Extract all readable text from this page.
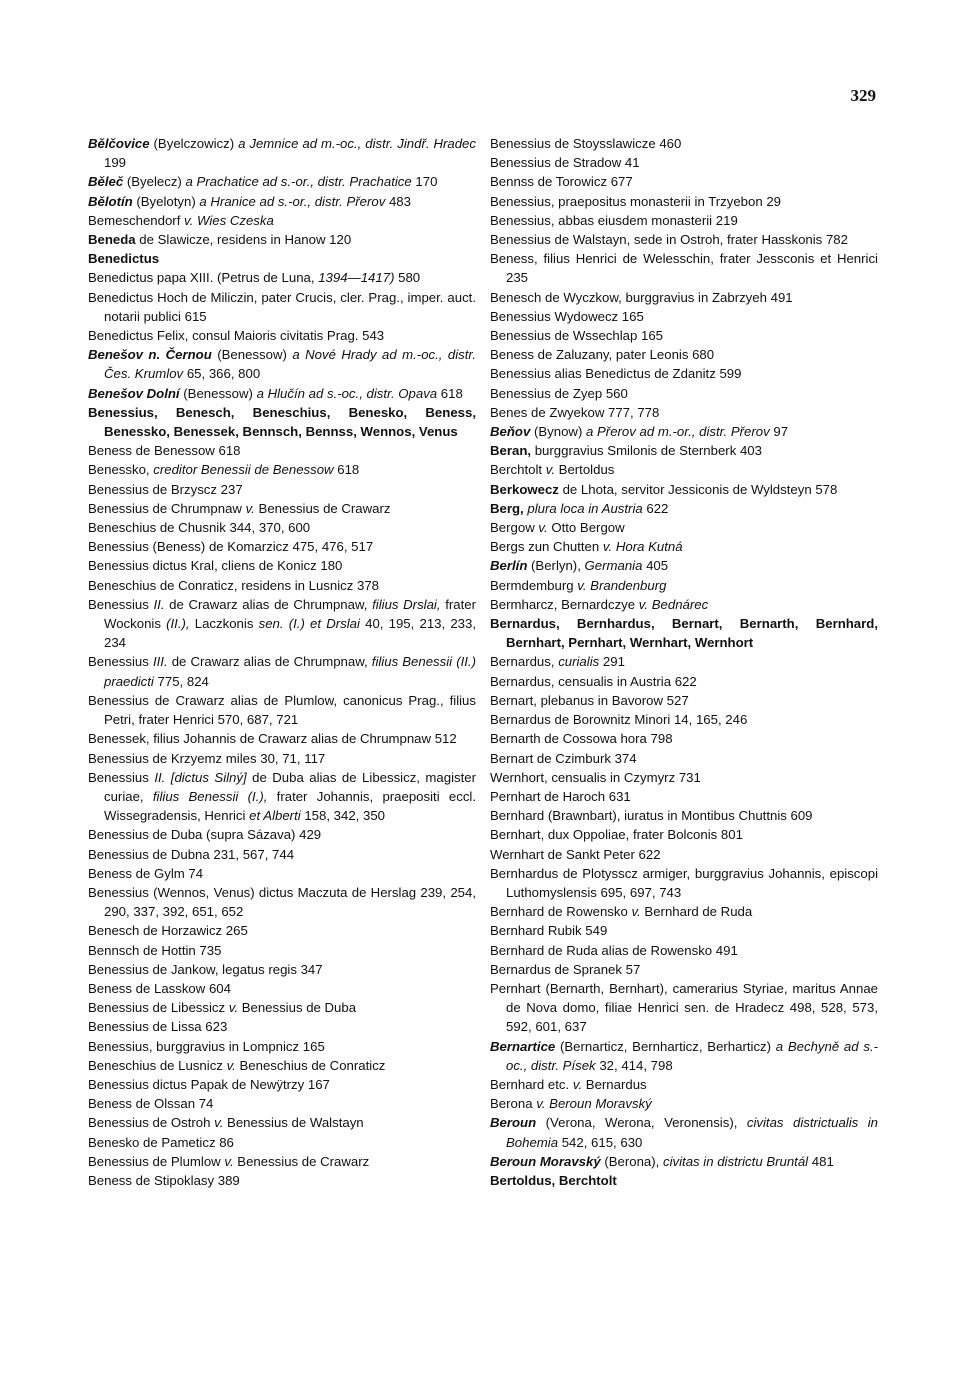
329
Bělčovice (Byelczowicz) a Jemnice ad m.-oc., distr. Jindř. Hradec 199
Běleč (Byelecz) a Prachatice ad s.-or., distr. Prachatice 170
Bělotín (Byelotyn) a Hranice ad s.-or., distr. Přerov 483
Bemeschendorf v. Wies Czeska
Beneda de Slawicze, residens in Hanow 120
Benedictus
Benedictus papa XIII. (Petrus de Luna, 1394—1417) 580
Benedictus Hoch de Miliczin, pater Crucis, cler. Prag., imper. auct. notarii publici 615
Benedictus Felix, consul Maioris civitatis Prag. 543
Benešov n. Černou (Benessow) a Nové Hrady ad m.-oc., distr. Čes. Krumlov 65, 366, 800
Benešov Dolní (Benessow) a Hlučín ad s.-oc., distr. Opava 618
Benessius, Benesch, Beneschius, Benesko, Beness, Benessko, Benessek, Bennsch, Bennss, Wennos, Venus
Beness de Benessow 618
Benessko, creditor Benessii de Benessow 618
Benessius de Brzyscz 237
Benessius de Chrumpnaw v. Benessius de Crawarz
Beneschius de Chusnik 344, 370, 600
Benessius (Beness) de Komarzicz 475, 476, 517
Benessius dictus Kral, cliens de Konicz 180
Beneschius de Conraticz, residens in Lusnicz 378
Benessius II. de Crawarz alias de Chrumpnaw, filius Drslai, frater Wockonis (II.), Laczkonis sen. (I.) et Drslai 40, 195, 213, 233, 234
Benessius III. de Crawarz alias de Chrumpnaw, filius Benessii (II.) praedicti 775, 824
Benessius de Crawarz alias de Plumlow, canonicus Prag., filius Petri, frater Henrici 570, 687, 721
Benessek, filius Johannis de Crawarz alias de Chrumpnaw 512
Benessius de Krzyemz miles 30, 71, 117
Benessius II. [dictus Silný] de Duba alias de Libessicz, magister curiae, filius Benessii (I.), frater Johannis, praepositi eccl. Wissegradensis, Henrici et Alberti 158, 342, 350
Benessius de Duba (supra Sázava) 429
Benessius de Dubna 231, 567, 744
Beness de Gylm 74
Benessius (Wennos, Venus) dictus Maczuta de Herslag 239, 254, 290, 337, 392, 651, 652
Benesch de Horzawicz 265
Bennsch de Hottin 735
Benessius de Jankow, legatus regis 347
Beness de Lasskow 604
Benessius de Libessicz v. Benessius de Duba
Benessius de Lissa 623
Benessius, burggravius in Lompnicz 165
Beneschius de Lusnicz v. Beneschius de Conraticz
Benessius dictus Papak de Newÿtrzy 167
Beness de Olssan 74
Benessius de Ostroh v. Benessius de Walstayn
Benesko de Pameticz 86
Benessius de Plumlow v. Benessius de Crawarz
Beness de Stipoklasy 389
Benessius de Stoysslawicze 460
Benessius de Stradow 41
Bennss de Torowicz 677
Benessius, praepositus monasterii in Trzyebon 29
Benessius, abbas eiusdem monasterii 219
Benessius de Walstayn, sede in Ostroh, frater Hasskonis 782
Beness, filius Henrici de Welesschin, frater Jessconis et Henrici 235
Benesch de Wyczkow, burggravius in Zabrzyeh 491
Benessius Wydowecz 165
Benessius de Wssechlap 165
Beness de Zaluzany, pater Leonis 680
Benessius alias Benedictus de Zdanitz 599
Benessius de Zyep 560
Benes de Zwyekow 777, 778
Beňov (Bynow) a Přerov ad m.-or., distr. Přerov 97
Beran, burggravius Smilonis de Sternberk 403
Berchtolt v. Bertoldus
Berkowecz de Lhota, servitor Jessiconis de Wyldsteyn 578
Berg, plura loca in Austria 622
Bergow v. Otto Bergow
Bergs zun Chutten v. Hora Kutná
Berlín (Berlyn), Germania 405
Bermdemburg v. Brandenburg
Bermharcz, Bernardczye v. Bednárec
Bernardus, Bernhardus, Bernart, Bernarth, Bernhard, Bernhart, Pernhart, Wernhart, Wernhort
Bernardus, curialis 291
Bernardus, censualis in Austria 622
Bernart, plebanus in Bavorow 527
Bernardus de Borownitz Minori 14, 165, 246
Bernarth de Cossowa hora 798
Bernart de Czimburk 374
Wernhort, censualis in Czymyrz 731
Pernhart de Haroch 631
Bernhard (Brawnbart), iuratus in Montibus Chuttnis 609
Bernhart, dux Oppoliae, frater Bolconis 801
Wernhart de Sankt Peter 622
Bernhardus de Plotysscz armiger, burggravius Johannis, episcopi Luthomyslensis 695, 697, 743
Bernhard de Rowensko v. Bernhard de Ruda
Bernhard Rubik 549
Bernhard de Ruda alias de Rowensko 491
Bernardus de Spranek 57
Pernhart (Bernarth, Bernhart), camerarius Styriae, maritus Annae de Nova domo, filiae Henrici sen. de Hradecz 498, 528, 573, 592, 601, 637
Bernartice (Bernarticz, Bernharticz, Berharticz) a Bechyně ad s.-oc., distr. Písek 32, 414, 798
Bernhard etc. v. Bernardus
Berona v. Beroun Moravský
Beroun (Verona, Werona, Veronensis), civitas districtualis in Bohemia 542, 615, 630
Beroun Moravský (Berona), civitas in districtu Bruntál 481
Bertoldus, Berchtolt
